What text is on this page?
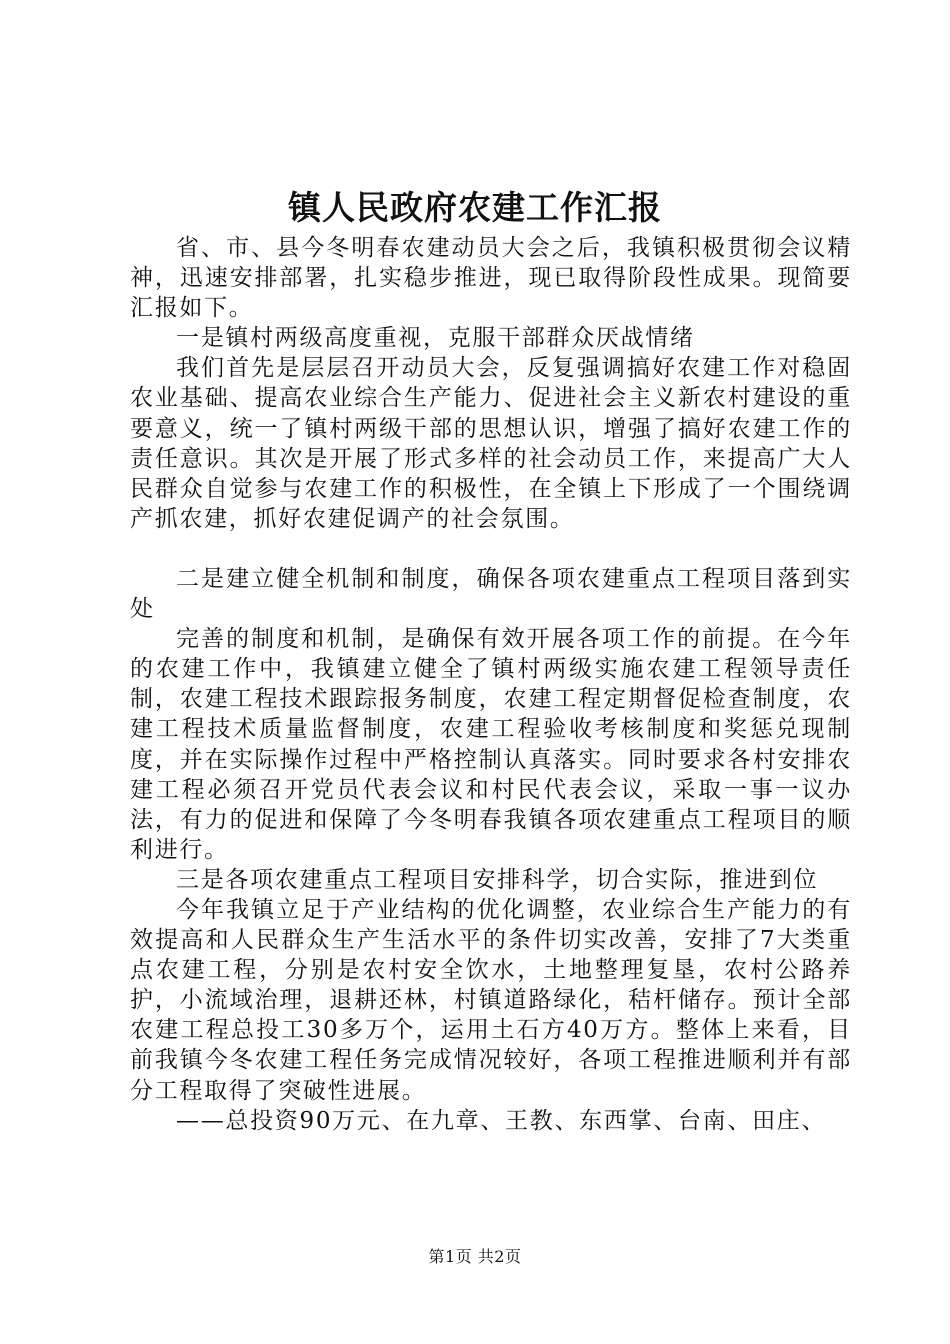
镇人民政府农建工作汇报

省、市、县今冬明春农建动员大会之后，我镇积极贯彻会议精神，迅速安排部署，扎实稳步推进，现已取得阶段性成果。现简要汇报如下。

一是镇村两级高度重视，克服干部群众厌战情绪

我们首先是层层召开动员大会，反复强调搞好农建工作对稳固农业基础、提高农业综合生产能力、促进社会主义新农村建设的重要意义，统一了镇村两级干部的思想认识，增强了搞好农建工作的责任意识。其次是开展了形式多样的社会动员工作，来提高广大人民群众自觉参与农建工作的积极性，在全镇上下形成了一个围绕调产抓农建，抓好农建促调产的社会氛围。

二是建立健全机制和制度，确保各项农建重点工程项目落到实处

完善的制度和机制，是确保有效开展各项工作的前提。在今年的农建工作中，我镇建立健全了镇村两级实施农建工程领导责任制，农建工程技术跟踪报务制度，农建工程定期督促检查制度，农建工程技术质量监督制度，农建工程验收考核制度和奖惩兑现制度，并在实际操作过程中严格控制认真落实。同时要求各村安排农建工程必须召开党员代表会议和村民代表会议，采取一事一议办法，有力的促进和保障了今冬明春我镇各项农建重点工程项目的顺利进行。

三是各项农建重点工程项目安排科学，切合实际，推进到位

今年我镇立足于产业结构的优化调整，农业综合生产能力的有效提高和人民群众生产生活水平的条件切实改善，安排了7大类重点农建工程，分别是农村安全饮水，土地整理复垦，农村公路养护，小流域治理，退耕还林，村镇道路绿化，秸杆储存。预计全部农建工程总投工30多万个，运用土石方40万方。整体上来看，目前我镇今冬农建工程任务完成情况较好，各项工程推进顺利并有部分工程取得了突破性进展。

——总投资90万元、在九章、王教、东西掌、台南、田庄、

第1页 共2页
